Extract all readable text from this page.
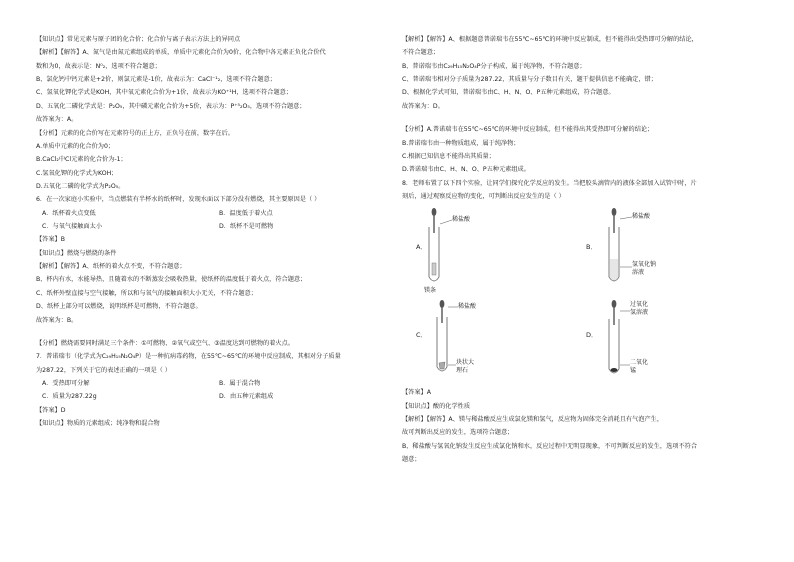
【知识点】常见元素与原子团的化合价；化合价与离子表示方法上的异同点
【解析】【解答】A、氮气是由氮元素组成的单质，单质中元素化合价为0价，化合物中各元素正负化合价代
数和为0，故表示是：N⁰₂，选项不符合题意；
B、氯化钙中钙元素是+2价，则氯元素是-1价，故表示为：CaCl⁻¹₂，选项不符合题意；
C、氢氧化钾化学式是KOH，其中氧元素化合价为+1价，故表示为KO⁺¹H，选项不符合题意；
D、五氧化二磷化学式是：P₂O₅，其中磷元素化合价为+5价，表示为：P⁺⁵₂O₅，选项不符合题意；
故答案为：A。
【分析】元素的化合价写在元素符号的正上方，正负号在前，数字在后。
A.单质中元素的化合价为0；
B.CaCl₂中Cl元素的化合价为-1；
C.氢氧化钾的化学式为KOH；
D.五氧化二磷的化学式为P₂O₅。
6．在一次家庭小实验中，当点燃装有半杯水的纸杯时，发现水面以下部分没有燃烧，其主要原因是（ ）
A．纸杯着火点变低	B．温度低于着火点
C．与氧气接触面太小	D．纸杯不是可燃物
【答案】B
【知识点】燃烧与燃烧的条件
【解析】【解答】A、纸杯的着火点不变，不符合题意；
B、杯内有水，水能导热，且随着水的不断蒸发会吸收热量，使纸杯的温度低于着火点，符合题意；
C、纸杯外壁直接与空气接触，所以和与氧气的接触面积大小无关，不符合题意；
D、纸杯上部分可以燃烧，说明纸杯是可燃物，不符合题意。
故答案为：B。
【分析】燃烧需要同时满足三个条件：①可燃物、②氧气或空气、③温度达到可燃物的着火点。
7．普诺瑞韦（化学式为C₂₉H₁₅N₂O₄P）是一种抗病毒药物，在55℃~65℃的环境中反应制成，其相对分子质量
为287.22，下列关于它的表述正确的一项是（ ）
A．受热即可分解	B．属于混合物
C．质量为287.22g	D．由五种元素组成
【答案】D
【知识点】物质的元素组成；纯净物和混合物
【解析】【解答】A、根据题意普诺瑞韦在55℃~65℃的环境中反应制成，但不能得出受热即可分解的结论，
不符合题意；
B、普诺瑞韦由C₂₉H₁₅N₂O₄P分子构成，属于纯净物，不符合题意；
C、普诺瑞韦相对分子质量为287.22，其质量与分子数目有关，题干提供信息不能确定，错；
D、根据化学式可知，普诺瑞韦由C、H、N、O、P五种元素组成，符合题意。
故答案为：D。
【分析】A.普诺瑞韦在55℃~65℃的环境中反应制成，但不能得出其受热即可分解的结论；
B.普诺瑞韦由一种物质组成，属于纯净物；
C.根据已知信息不能得出其质量；
D.普诺瑞韦由C、H、N、O、P五种元素组成。
8．老师布置了以下四个实验，让同学们探究化学反应的发生。当把胶头滴管内的液体全部加入试管中时，片
刻后，通过观察反应物的变化，可判断出反应发生的是（ ）
A．
稀盐酸
镁条
B．
稀盐酸
氢氧化钠溶液
C．
稀盐酸
块状大理石
D．
过氧化氢溶液
二氧化锰
【答案】A
【知识点】酸的化学性质
【解析】【解答】A、镁与稀盐酸反应生成氯化镁和氢气，反应物为固体完全消耗且有气泡产生，
故可判断出反应的发生，选项符合题意；
B、稀盐酸与氢氧化钠发生反应生成氯化钠和水，反应过程中无明显现象，不可判断反应的发生，选项不符合
题意；
